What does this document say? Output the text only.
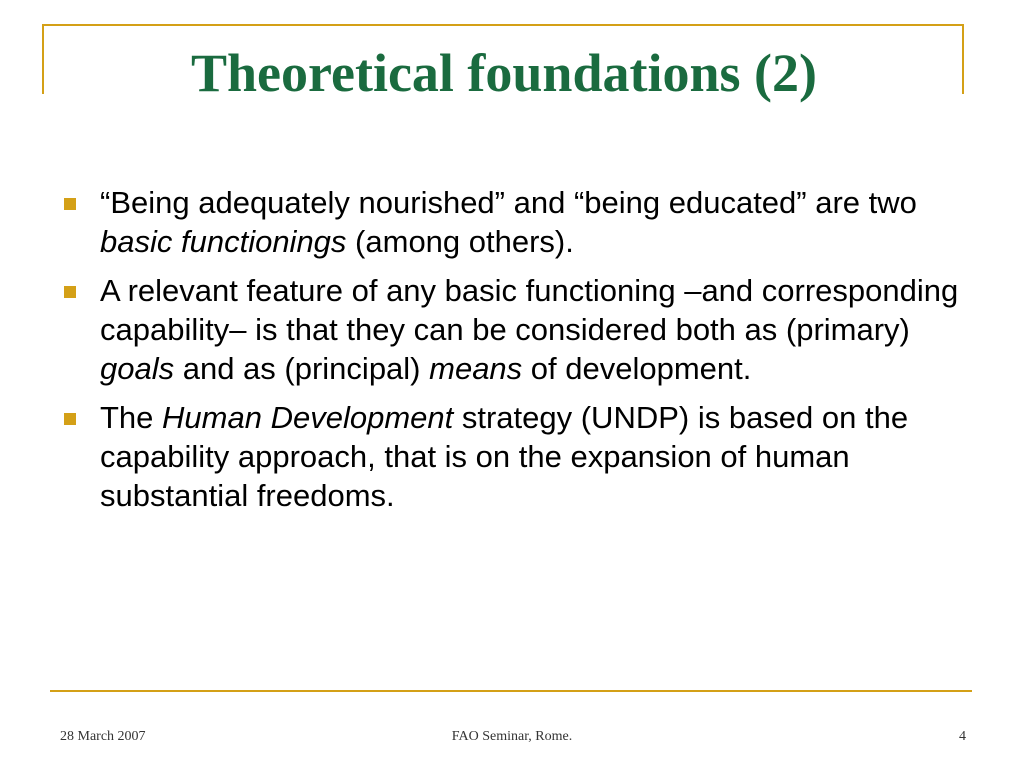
Theoretical foundations (2)
“Being adequately nourished” and “being educated” are two basic functionings (among others).
A relevant feature of any basic functioning –and corresponding capability– is that they can be considered both as (primary) goals and as (principal) means of development.
The Human Development strategy (UNDP) is based on the capability approach, that is on the expansion of human substantial freedoms.
28 March 2007	FAO Seminar, Rome.	4
